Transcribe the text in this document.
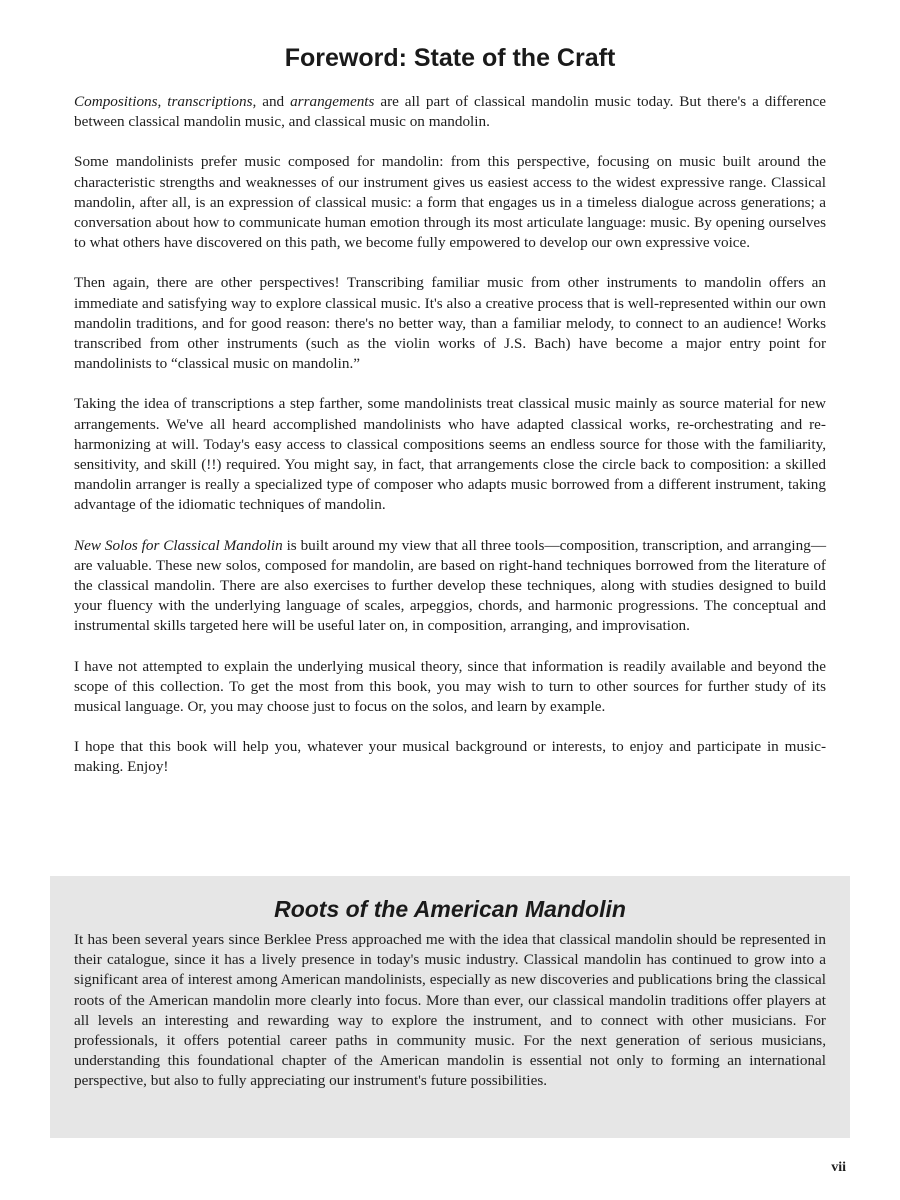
Foreword: State of the Craft

Compositions, transcriptions, and arrangements are all part of classical mandolin music today. But there's a difference between classical mandolin music, and classical music on mandolin.

Some mandolinists prefer music composed for mandolin: from this perspective, focusing on music built around the characteristic strengths and weaknesses of our instrument gives us easiest access to the widest expressive range. Classical mandolin, after all, is an expression of classical music: a form that engages us in a timeless dialogue across generations; a conversation about how to communicate human emotion through its most articulate language: music. By opening ourselves to what others have discovered on this path, we become fully empowered to develop our own expressive voice.

Then again, there are other perspectives! Transcribing familiar music from other instruments to mandolin offers an immediate and satisfying way to explore classical music. It's also a creative process that is well-represented within our own mandolin traditions, and for good reason: there's no better way, than a familiar melody, to connect to an audience! Works transcribed from other instruments (such as the violin works of J.S. Bach) have become a major entry point for mandolinists to “classical music on mandolin.”

Taking the idea of transcriptions a step farther, some mandolinists treat classical music mainly as source material for new arrangements. We've all heard accomplished mandolinists who have adapted classical works, re-orchestrating and re-harmonizing at will. Today's easy access to classical compositions seems an endless source for those with the familiarity, sensitivity, and skill (!!) required. You might say, in fact, that arrangements close the circle back to composition: a skilled mandolin arranger is really a specialized type of composer who adapts music borrowed from a different instrument, taking advantage of the idiomatic techniques of mandolin.

New Solos for Classical Mandolin is built around my view that all three tools—composition, transcription, and arranging—are valuable. These new solos, composed for mandolin, are based on right-hand techniques borrowed from the literature of the classical mandolin. There are also exercises to further develop these techniques, along with studies designed to build your fluency with the underlying language of scales, arpeggios, chords, and harmonic progressions. The conceptual and instrumental skills targeted here will be useful later on, in composition, arranging, and improvisation.

I have not attempted to explain the underlying musical theory, since that information is readily available and beyond the scope of this collection. To get the most from this book, you may wish to turn to other sources for further study of its musical language. Or, you may choose just to focus on the solos, and learn by example.

I hope that this book will help you, whatever your musical background or interests, to enjoy and participate in music-making. Enjoy!

Roots of the American Mandolin

It has been several years since Berklee Press approached me with the idea that classical mandolin should be represented in their catalogue, since it has a lively presence in today's music industry. Classical mandolin has continued to grow into a significant area of interest among American mandolinists, especially as new discoveries and publications bring the classical roots of the American mandolin more clearly into focus. More than ever, our classical mandolin traditions offer players at all levels an interesting and rewarding way to explore the instrument, and to connect with other musicians. For professionals, it offers potential career paths in community music. For the next generation of serious musicians, understanding this foundational chapter of the American mandolin is essential not only to forming an international perspective, but also to fully appreciating our instrument's future possibilities.

vii
